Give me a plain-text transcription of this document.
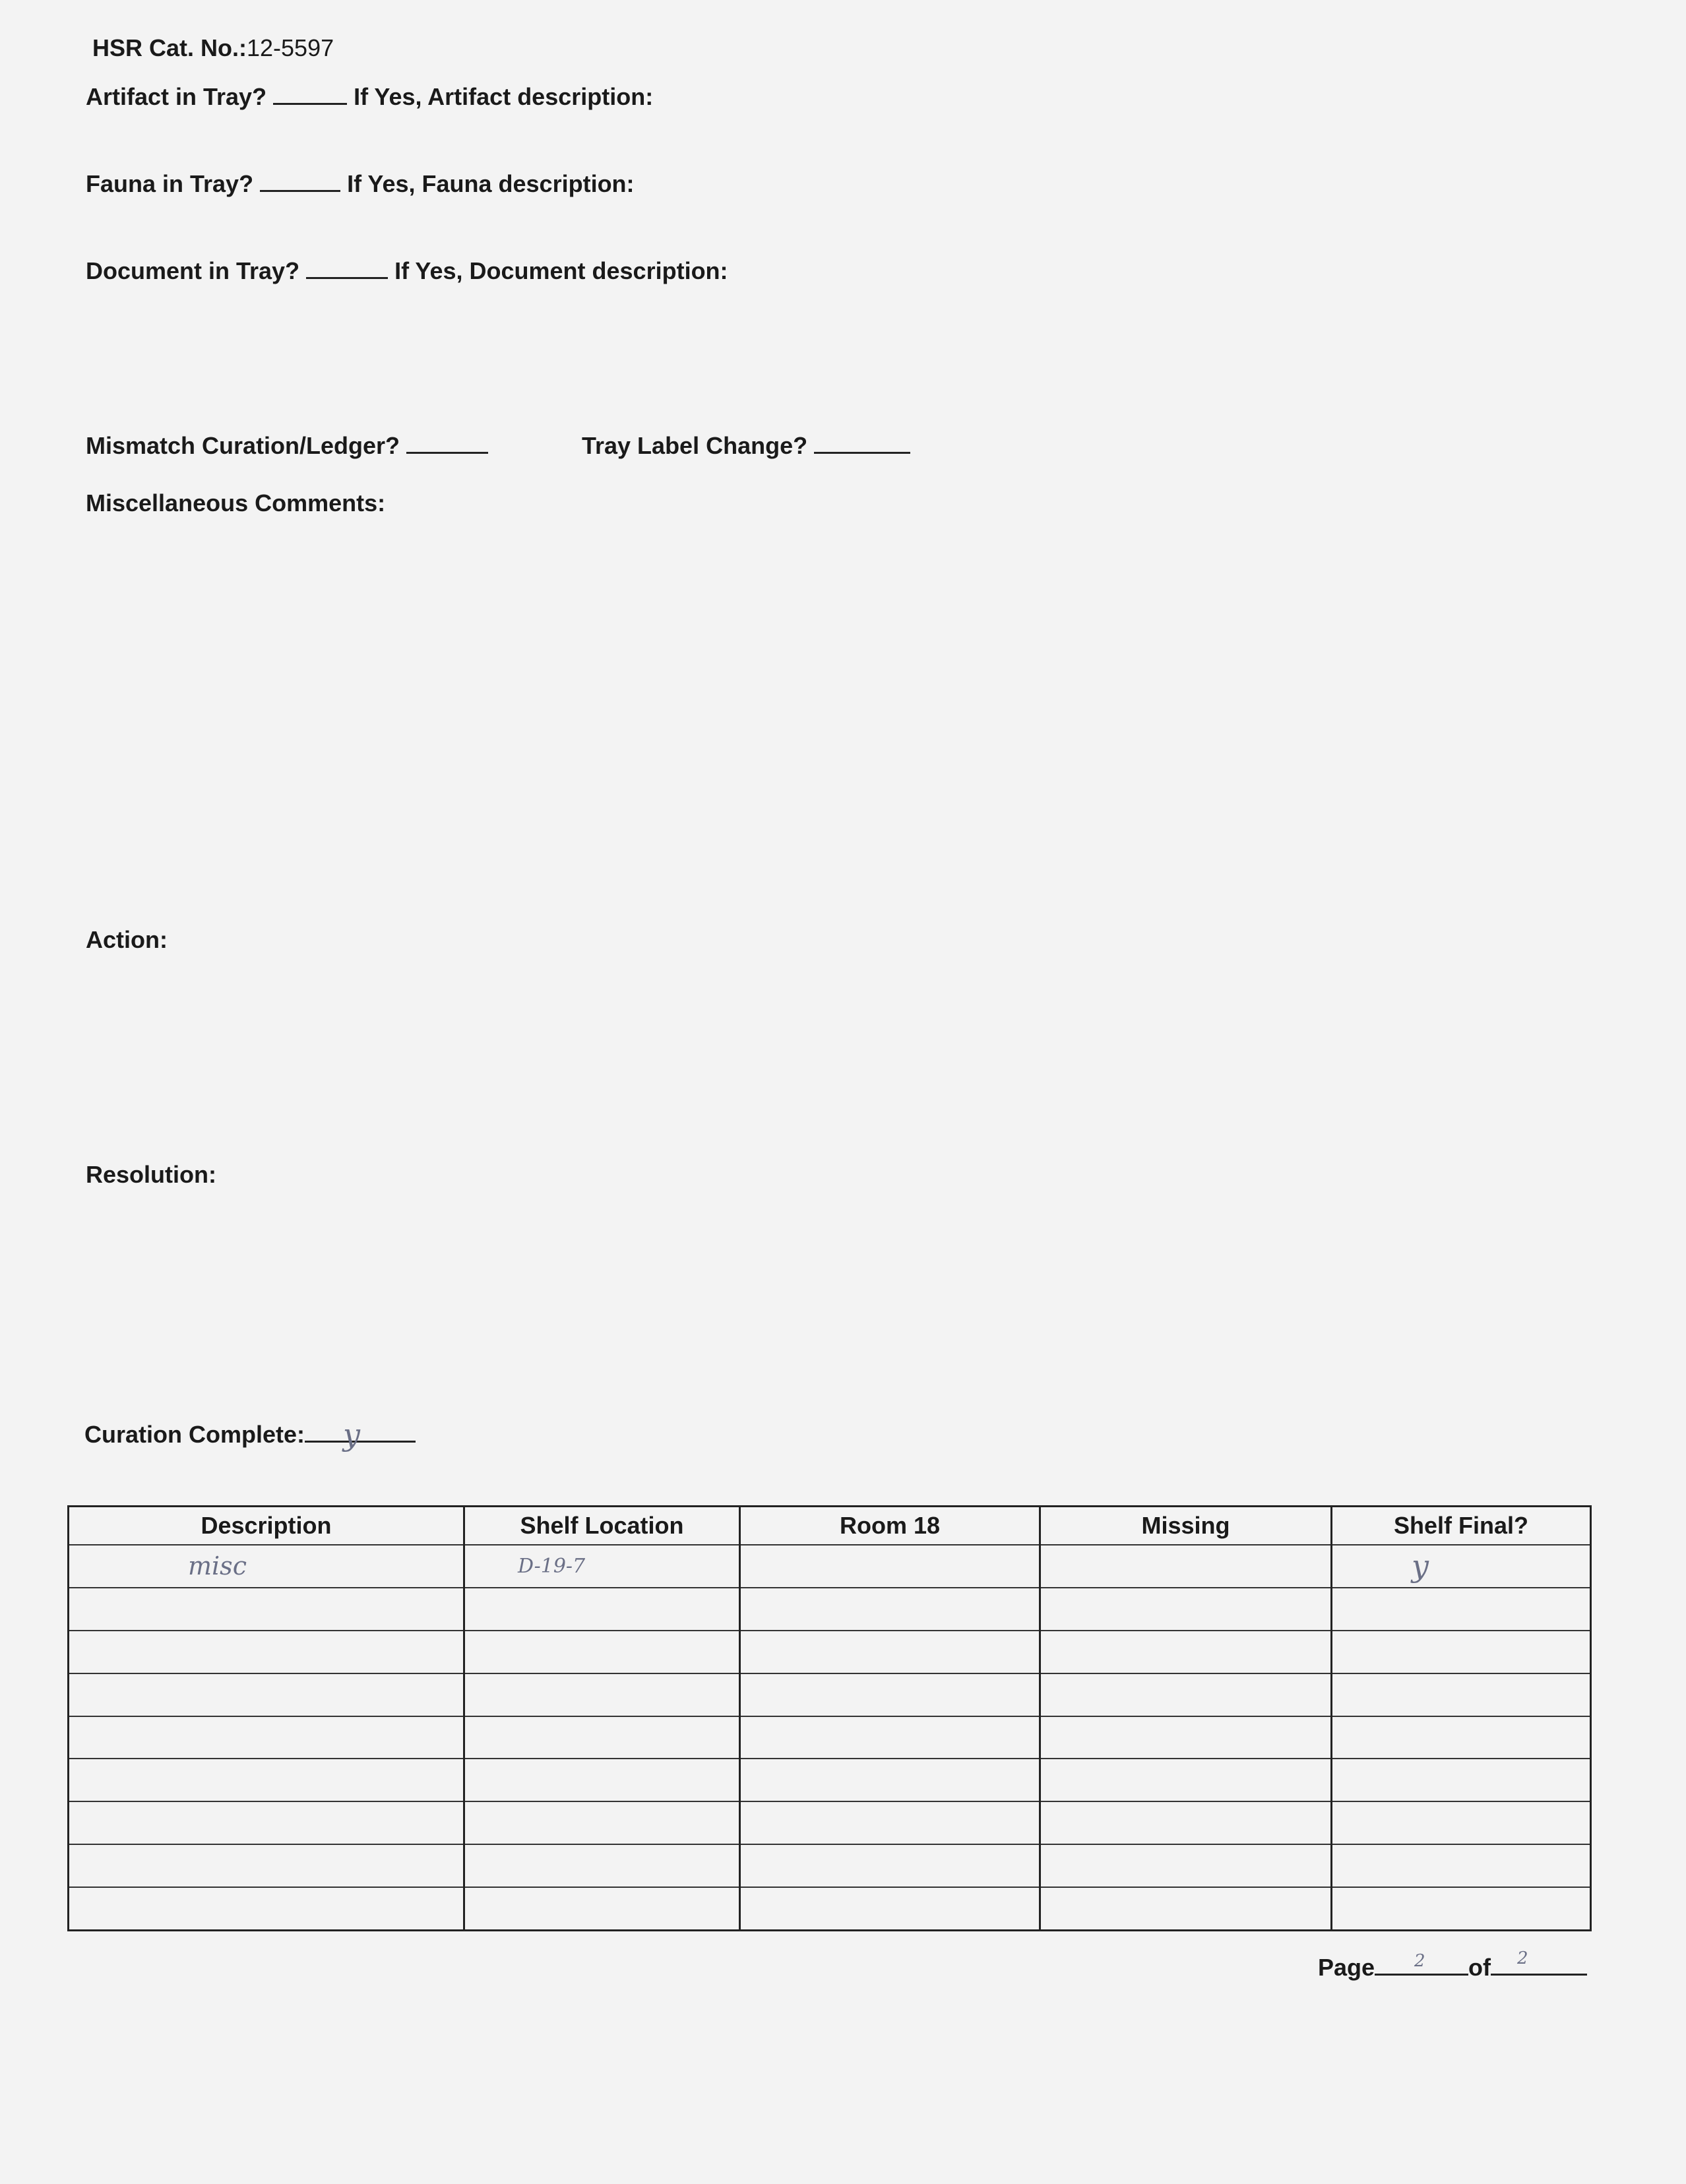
HSR Cat. No.:12-5597
Artifact in Tray?	If Yes, Artifact description:
Fauna in Tray?	If Yes, Fauna description:
Document in Tray?	If Yes, Document description:
Mismatch Curation/Ledger?	Tray Label Change?
Miscellaneous Comments:
Action:
Resolution:
Curation Complete: y
Description	Shelf Location	Room 18	Missing	Shelf Final?
misc	D-19-7			y

Page 2 of 2
